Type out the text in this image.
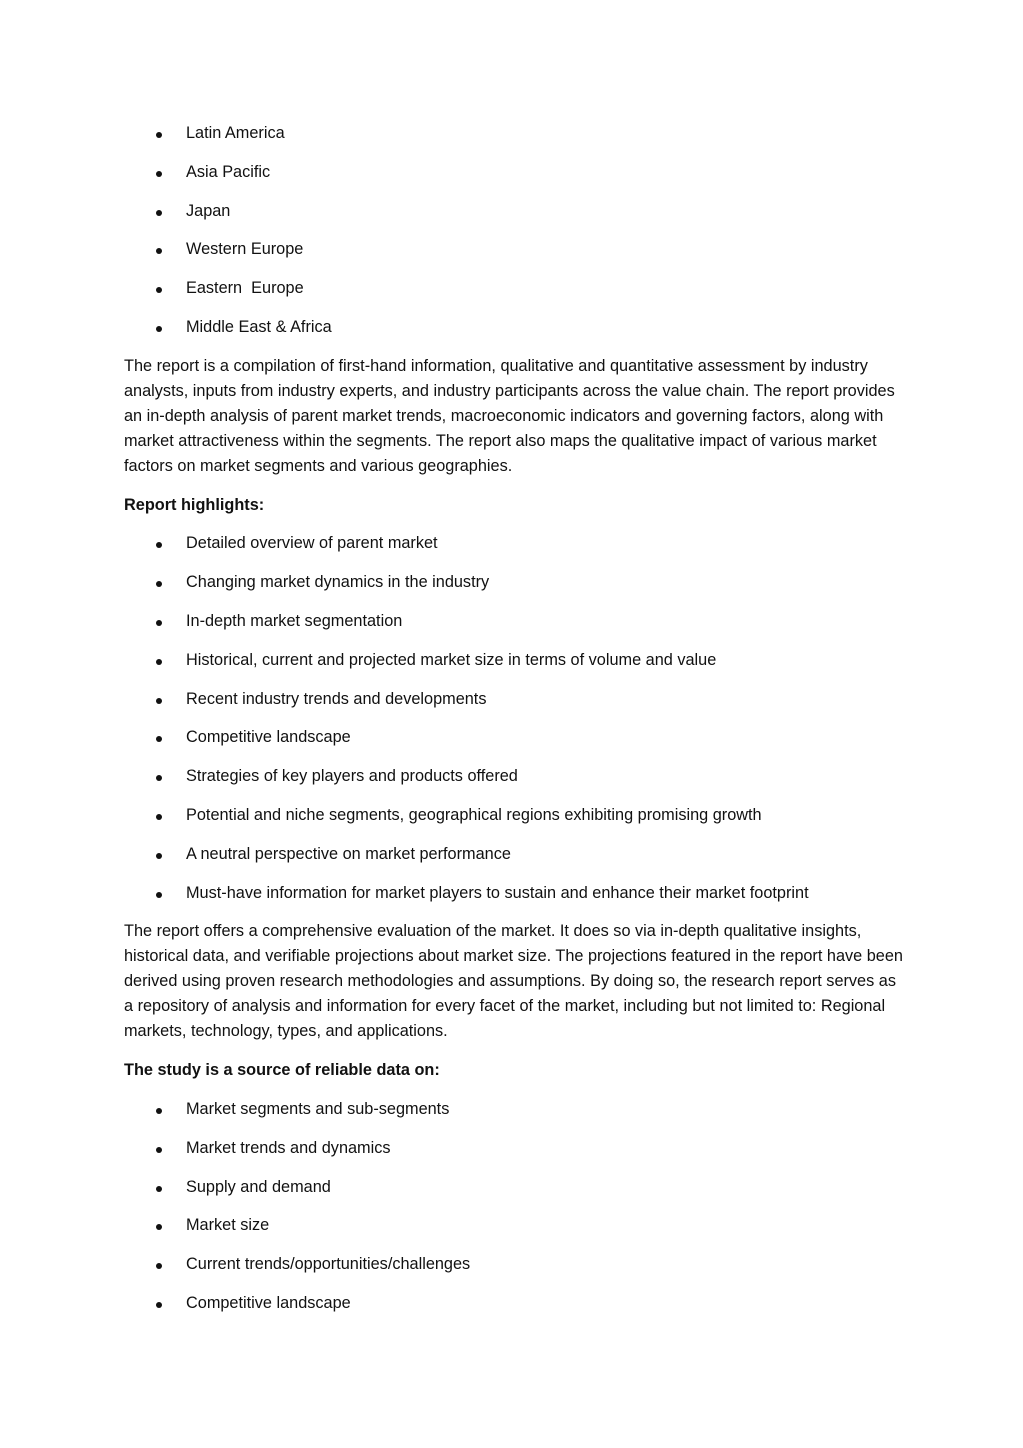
Latin America
Asia Pacific
Japan
Western Europe
Eastern  Europe
Middle East & Africa

The report is a compilation of first-hand information, qualitative and quantitative assessment by industry analysts, inputs from industry experts, and industry participants across the value chain. The report provides an in-depth analysis of parent market trends, macroeconomic indicators and governing factors, along with market attractiveness within the segments. The report also maps the qualitative impact of various market factors on market segments and various geographies.

Report highlights:

Detailed overview of parent market
Changing market dynamics in the industry
In-depth market segmentation
Historical, current and projected market size in terms of volume and value
Recent industry trends and developments
Competitive landscape
Strategies of key players and products offered
Potential and niche segments, geographical regions exhibiting promising growth
A neutral perspective on market performance
Must-have information for market players to sustain and enhance their market footprint

The report offers a comprehensive evaluation of the market. It does so via in-depth qualitative insights, historical data, and verifiable projections about market size. The projections featured in the report have been derived using proven research methodologies and assumptions. By doing so, the research report serves as a repository of analysis and information for every facet of the market, including but not limited to: Regional markets, technology, types, and applications.

The study is a source of reliable data on:

Market segments and sub-segments
Market trends and dynamics
Supply and demand
Market size
Current trends/opportunities/challenges
Competitive landscape
